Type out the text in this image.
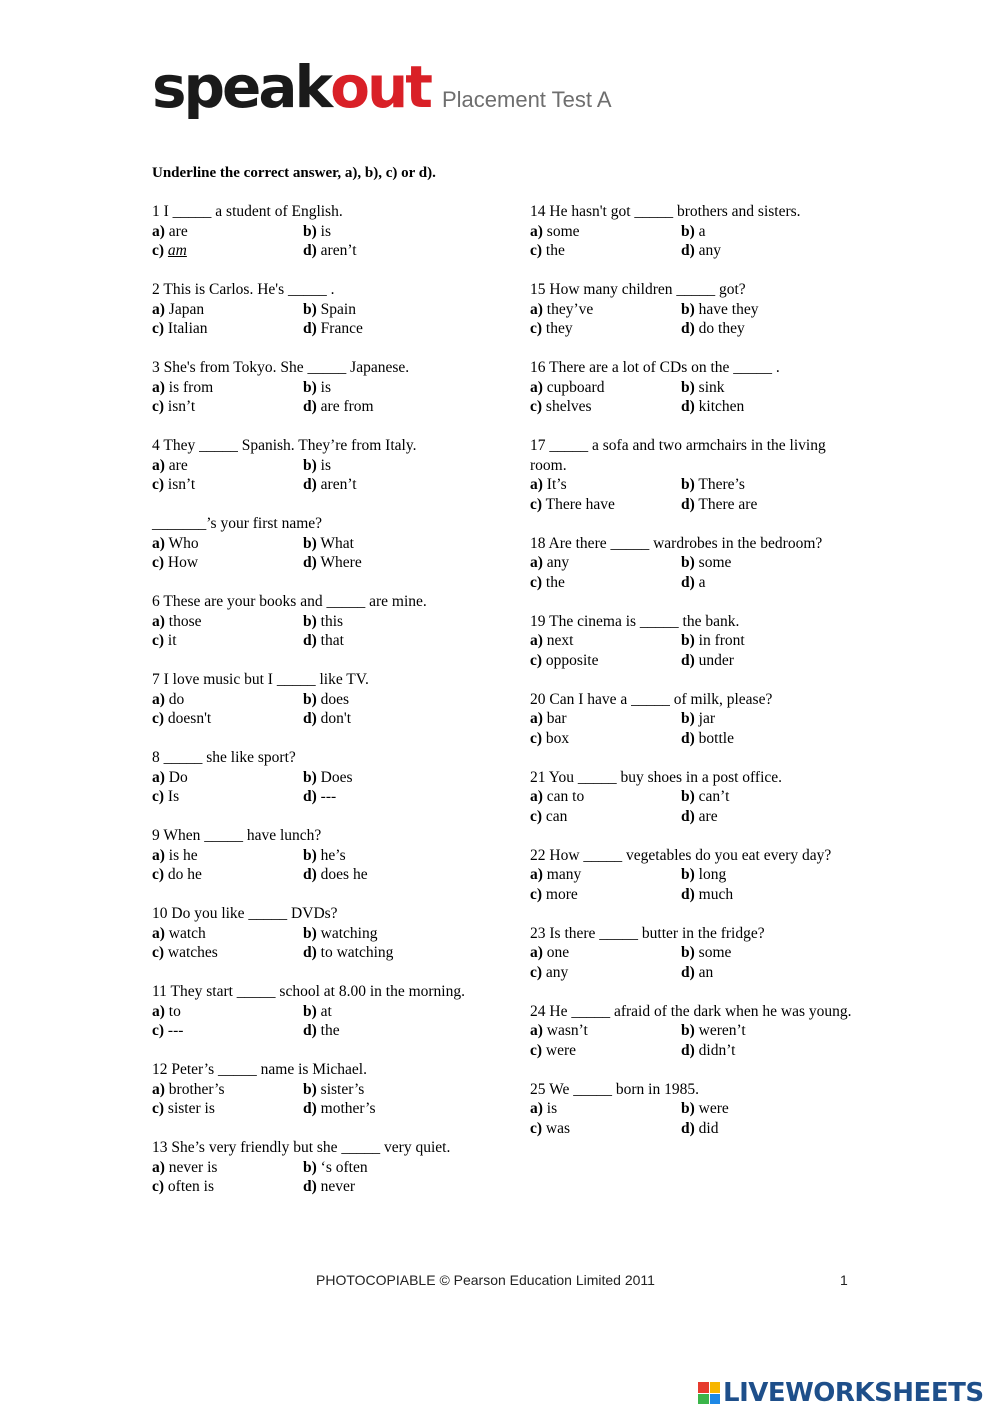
speak out Placement Test A
Underline the correct answer, a), b), c) or d).
1 I _____ a student of English.
a) are	b) is
c) am	d) aren’t
2 This is Carlos. He's _____ .
a) Japan	b) Spain
c) Italian	d) France
3 She's from Tokyo. She _____ Japanese.
a) is from	b) is
c) isn’t	d) are from
4 They _____ Spanish. They’re from Italy.
a) are	b) is
c) isn’t	d) aren’t
_______’s your first name?
a) Who	b) What
c) How	d) Where
6 These are your books and _____ are mine.
a) those	b) this
c) it	d) that
7 I love music but I _____ like TV.
a) do	b) does
c) doesn't	d) don't
8 _____ she like sport?
a) Do	b) Does
c) Is	d) ---
9 When _____ have lunch?
a) is he	b) he’s
c) do he	d) does he
10 Do you like _____ DVDs?
a) watch	b) watching
c) watches	d) to watching
11 They start _____ school at 8.00 in the morning.
a) to	b) at
c) ---	d) the
12 Peter’s _____ name is Michael.
a) brother’s	b) sister’s
c) sister is	d) mother’s
13 She’s very friendly but she _____ very quiet.
a) never is	b) ‘s often
c) often is	d) never
14 He hasn't got _____ brothers and sisters.
a) some	b) a
c) the	d) any
15 How many children _____ got?
a) they’ve	b) have they
c) they	d) do they
16 There are a lot of CDs on the _____ .
a) cupboard	b) sink
c) shelves	d) kitchen
17 _____ a sofa and two armchairs in the living room.
a) It’s	b) There’s
c) There have	d) There are
18 Are there _____ wardrobes in the bedroom?
a) any	b) some
c) the	d) a
19 The cinema is _____ the bank.
a) next	b) in front
c) opposite	d) under
20 Can I have a _____ of milk, please?
a) bar	b) jar
c) box	d) bottle
21 You _____ buy shoes in a post office.
a) can to	b) can’t
c) can	d) are
22 How _____ vegetables do you eat every day?
a) many	b) long
c) more	d) much
23 Is there _____ butter in the fridge?
a) one	b) some
c) any	d) an
24 He _____ afraid of the dark when he was young.
a) wasn’t	b) weren’t
c) were	d) didn’t
25 We _____ born in 1985.
a) is	b) were
c) was	d) did
PHOTOCOPIABLE © Pearson Education Limited 2011	1
LIVEWORKSHEETS
